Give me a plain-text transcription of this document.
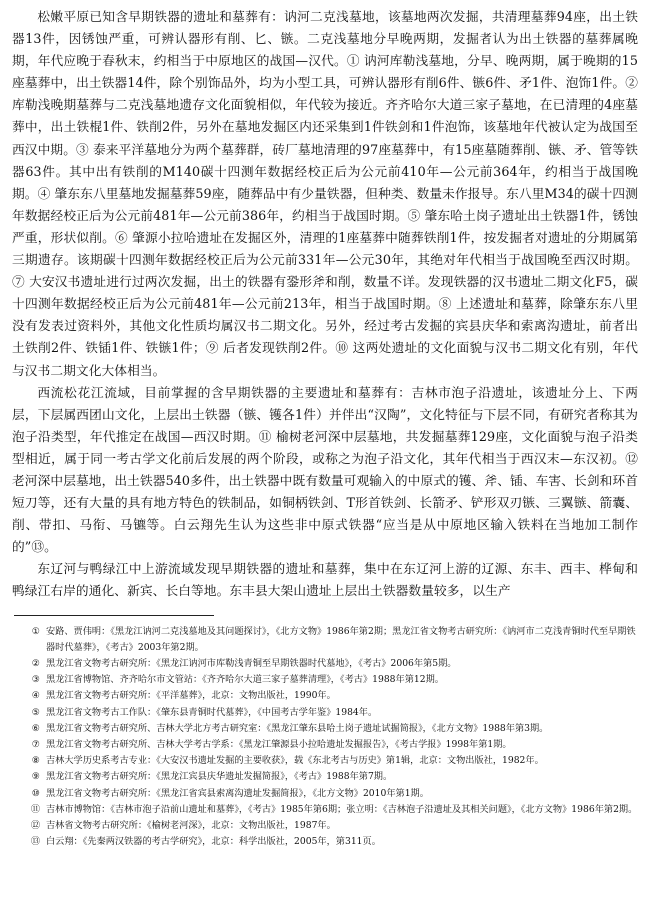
松嫩平原已知含早期铁器的遗址和墓葬有：讷河二克浅墓地，该墓地两次发掘，共清理墓葬94座，出土铁器13件，因锈蚀严重，可辨认器形有削、匕、镞。二克浅墓地分早晚两期，发掘者认为出土铁器的墓葬属晚期，年代应晚于春秋末，约相当于中原地区的战国—汉代。① 讷河库勒浅墓地，分早、晚两期，属于晚期的15座墓葬中，出土铁器14件，除个别饰品外，均为小型工具，可辨认器形有削6件、镞6件、矛1件、泡饰1件。② 库勒浅晚期墓葬与二克浅墓地遗存文化面貌相似，年代较为接近。齐齐哈尔大道三家子墓地，在已清理的4座墓葬中，出土铁棍1件、铁削2件，另外在墓地发掘区内还采集到1件铁剑和1件泡饰，该墓地年代被认定为战国至西汉中期。③ 泰来平洋墓地分为两个墓葬群，砖厂墓地清理的97座墓葬中，有15座墓随葬削、镞、矛、管等铁器63件。其中出有铁削的M140碳十四测年数据经校正后为公元前410年—公元前364年，约相当于战国晚期。④ 肇东东八里墓地发掘墓葬59座，随葬品中有少量铁器，但种类、数量未作报导。东八里M34的碳十四测年数据经校正后为公元前481年—公元前386年，约相当于战国时期。⑤ 肇东哈土岗子遗址出土铁器1件，锈蚀严重，形状似削。⑥ 肇源小拉哈遗址在发掘区外，清理的1座墓葬中随葬铁削1件，按发掘者对遗址的分期属第三期遗存。该期碳十四测年数据经校正后为公元前331年—公元30年，其绝对年代相当于战国晚至西汉时期。⑦ 大安汉书遗址进行过两次发掘，出土的铁器有銎形斧和削，数量不详。发现铁器的汉书遗址二期文化F5，碳十四测年数据经校正后为公元前481年—公元前213年，相当于战国时期。⑧ 上述遗址和墓葬，除肇东东八里没有发表过资料外，其他文化性质均属汉书二期文化。另外，经过考古发掘的宾县庆华和索离沟遗址，前者出土铁削2件、铁锸1件、铁镞1件；⑨ 后者发现铁削2件。⑩ 这两处遗址的文化面貌与汉书二期文化有别，年代与汉书二期文化大体相当。

西流松花江流域，目前掌握的含早期铁器的主要遗址和墓葬有：吉林市泡子沿遗址，该遗址分上、下两层，下层属西团山文化，上层出土铁器（镞、镬各1件）并伴出“汉陶”，文化特征与下层不同，有研究者称其为泡子沿类型，年代推定在战国—西汉时期。⑪ 榆树老河深中层墓地，共发掘墓葬129座，文化面貌与泡子沿类型相近，属于同一考古学文化前后发展的两个阶段，或称之为泡子沿文化，其年代相当于西汉末—东汉初。⑫ 老河深中层墓地，出土铁器540多件，出土铁器中既有数量可观输入的中原式的镬、斧、锸、车害、长剑和环首短刀等，还有大量的具有地方特色的铁制品，如铜柄铁剑、T形首铁剑、长箭矛、铲形双刃镞、三翼镞、箭囊、削、带扣、马衔、马镳等。白云翔先生认为这些非中原式铁器“应当是从中原地区输入铁料在当地加工制作的”⑬。

东辽河与鸭绿江中上游流域发现早期铁器的遗址和墓葬，集中在东辽河上游的辽源、东丰、西丰、桦甸和鸭绿江右岸的通化、新宾、长白等地。东丰县大架山遗址上层出土铁器数量较多，以生产

① 安路、贾伟明：《黑龙江讷河二克浅墓地及其问题探讨》，《北方文物》1986年第2期；黑龙江省文物考古研究所：《讷河市二克浅青铜时代至早期铁器时代墓葬》，《考古》2003年第2期。
② 黑龙江省文物考古研究所：《黑龙江讷河市库勒浅青铜至早期铁器时代墓地》，《考古》2006年第5期。
③ 黑龙江省博物馆、齐齐哈尔市文管站：《齐齐哈尔大道三家子墓葬清理》，《考古》1988年第12期。
④ 黑龙江省文物考古研究所：《平洋墓葬》，北京：文物出版社，1990年。
⑤ 黑龙江省文物考古工作队：《肇东县青铜时代墓葬》，《中国考古学年鉴》1984年。
⑥ 黑龙江省文物考古研究所、吉林大学北方考古研究室：《黑龙江肇东县哈土岗子遗址试掘简报》，《北方文物》1988年第3期。
⑦ 黑龙江省文物考古研究所、吉林大学考古学系：《黑龙江肇源县小拉哈遗址发掘报告》，《考古学报》1998年第1期。
⑧ 吉林大学历史系考古专业：《大安汉书遗址发掘的主要收获》，载《东北考古与历史》第1辑，北京：文物出版社，1982年。
⑨ 黑龙江省文物考古研究所：《黑龙江宾县庆华遗址发掘简报》，《考古》1988年第7期。
⑩ 黑龙江省文物考古研究所：《黑龙江省宾县索离沟遗址发掘简报》，《北方文物》2010年第1期。
⑪ 吉林市博物馆：《吉林市泡子沿前山遗址和墓葬》，《考古》1985年第6期；张立明：《吉林泡子沿遗址及其相关问题》，《北方文物》1986年第2期。
⑫ 吉林省文物考古研究所：《榆树老河深》，北京：文物出版社，1987年。
⑬ 白云翔：《先秦两汉铁器的考古学研究》，北京：科学出版社，2005年，第311页。
